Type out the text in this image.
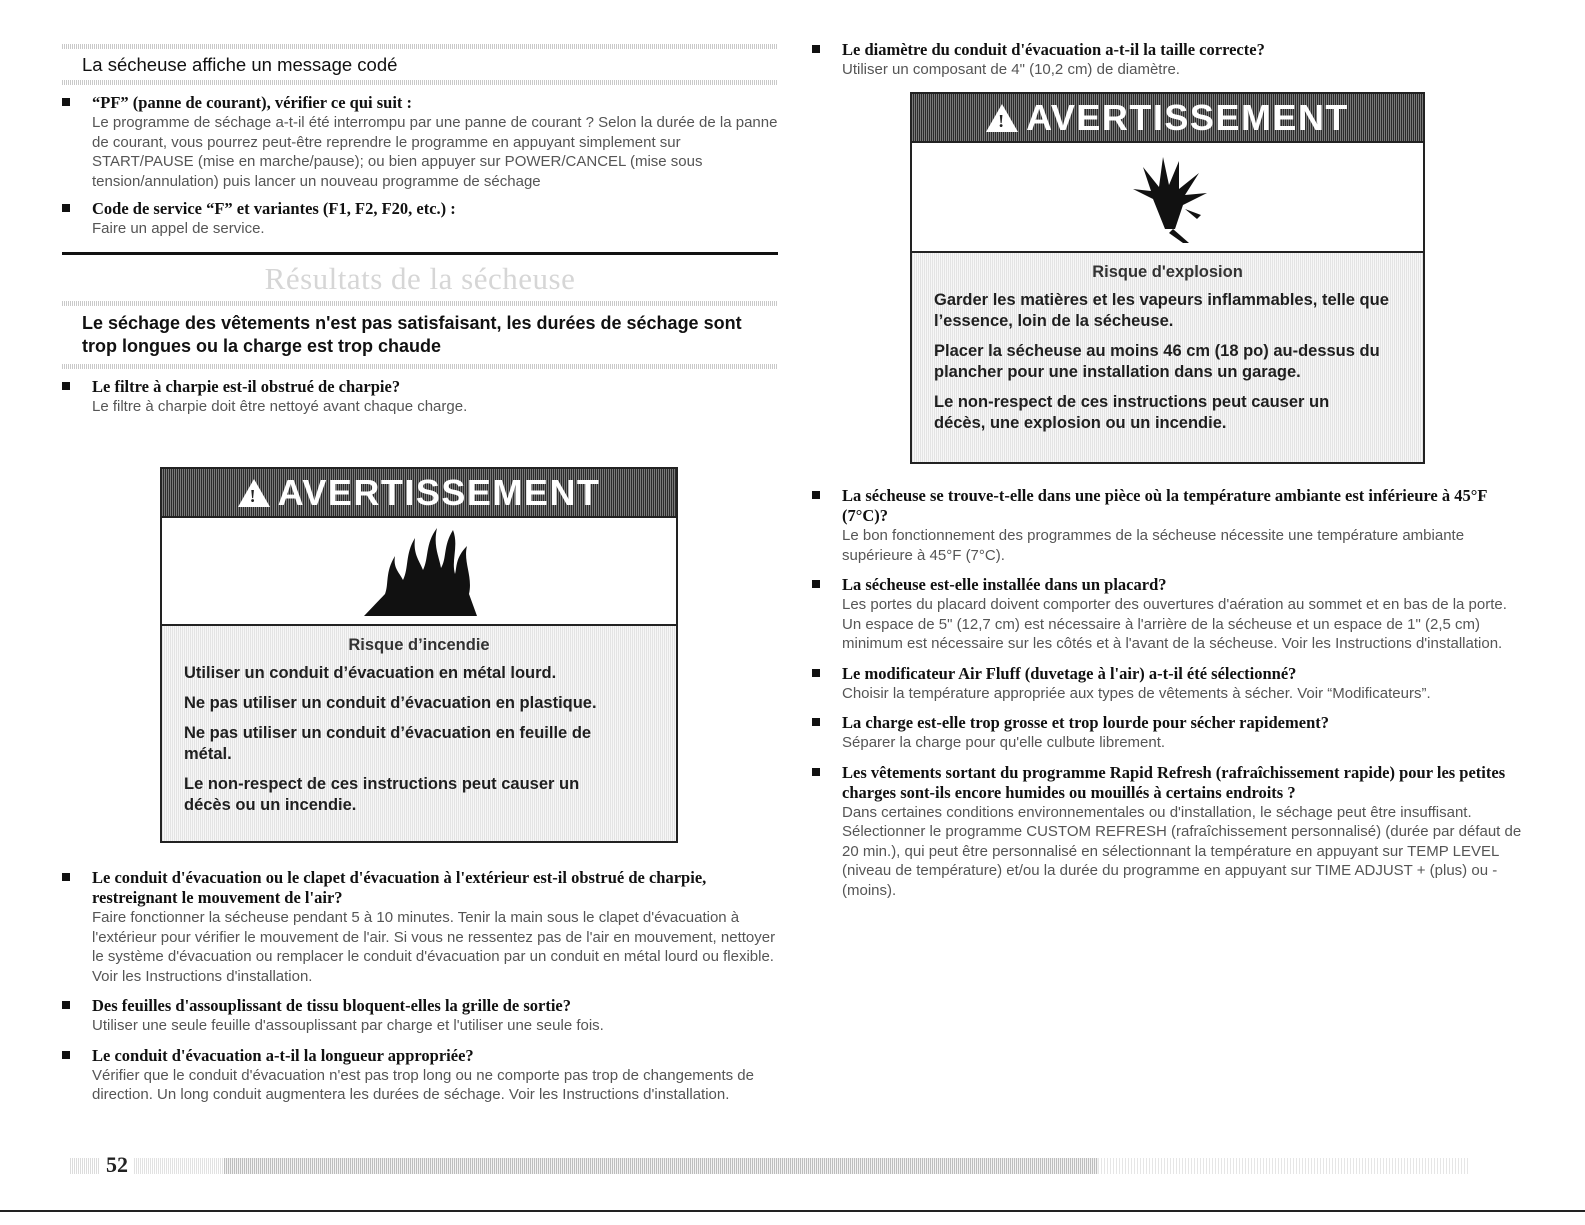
La sécheuse affiche un message codé
“PF” (panne de courant), vérifier ce qui suit :
Le programme de séchage a-t-il été interrompu par une panne de courant ? Selon la durée de la panne de courant, vous pourrez peut-être reprendre le programme en appuyant simplement sur START/PAUSE (mise en marche/pause); ou bien appuyer sur POWER/CANCEL (mise sous tension/annulation) puis lancer un nouveau programme de séchage
Code de service “F” et variantes (F1, F2, F20, etc.) :
Faire un appel de service.
Résultats de la sécheuse
Le séchage des vêtements n'est pas satisfaisant, les durées de séchage sont trop longues ou la charge est trop chaude
Le filtre à charpie est-il obstrué de charpie?
Le filtre à charpie doit être nettoyé avant chaque charge.
!
AVERTISSEMENT
Risque d’incendie
Utiliser un conduit d’évacuation en métal lourd.
Ne pas utiliser un conduit d’évacuation en plastique.
Ne pas utiliser un conduit d’évacuation en feuille de métal.
Le non-respect de ces instructions peut causer un décès ou un incendie.
Le conduit d'évacuation ou le clapet d'évacuation à l'extérieur est-il obstrué de charpie, restreignant le mouvement de l'air?
Faire fonctionner la sécheuse pendant 5 à 10 minutes. Tenir la main sous le clapet d'évacuation à l'extérieur pour vérifier le mouvement de l'air. Si vous ne ressentez pas de l'air en mouvement, nettoyer le système d'évacuation ou remplacer le conduit d'évacuation par un conduit en métal lourd ou flexible. Voir les Instructions d'installation.
Des feuilles d'assouplissant de tissu bloquent-elles la grille de sortie?
Utiliser une seule feuille d'assouplissant par charge et l'utiliser une seule fois.
Le conduit d'évacuation a-t-il la longueur appropriée?
Vérifier que le conduit d'évacuation n'est pas trop long ou ne comporte pas trop de changements de direction. Un long conduit augmentera les durées de séchage. Voir les Instructions d'installation.
Le diamètre du conduit d'évacuation a-t-il la taille correcte?
Utiliser un composant de 4" (10,2 cm) de diamètre.
!
AVERTISSEMENT
Risque d'explosion
Garder les matières et les vapeurs inflammables, telle que l’essence, loin de la sécheuse.
Placer la sécheuse au moins 46 cm (18 po) au-dessus du plancher pour une installation dans un garage.
Le non-respect de ces instructions peut causer un décès, une explosion ou un incendie.
La sécheuse se trouve-t-elle dans une pièce où la température ambiante est inférieure à 45°F (7°C)?
Le bon fonctionnement des programmes de la sécheuse nécessite une température ambiante supérieure à 45°F (7°C).
La sécheuse est-elle installée dans un placard?
Les portes du placard doivent comporter des ouvertures d'aération au sommet et en bas de la porte. Un espace de 5" (12,7 cm) est nécessaire à l'arrière de la sécheuse et un espace de 1" (2,5 cm) minimum est nécessaire sur les côtés et à l'avant de la sécheuse. Voir les Instructions d'installation.
Le modificateur Air Fluff (duvetage à l'air) a-t-il été sélectionné?
Choisir la température appropriée aux types de vêtements à sécher. Voir “Modificateurs”.
La charge est-elle trop grosse et trop lourde pour sécher rapidement?
Séparer la charge pour qu'elle culbute librement.
Les vêtements sortant du programme Rapid Refresh (rafraîchissement rapide) pour les petites charges sont-ils encore humides ou mouillés à certains endroits ?
Dans certaines conditions environnementales ou d'installation, le séchage peut être insuffisant. Sélectionner le programme CUSTOM REFRESH (rafraîchissement personnalisé) (durée par défaut de 20 min.), qui peut être personnalisé en sélectionnant la température en appuyant sur TEMP LEVEL (niveau de température) et/ou la durée du programme en appuyant sur TIME ADJUST + (plus) ou - (moins).
52
